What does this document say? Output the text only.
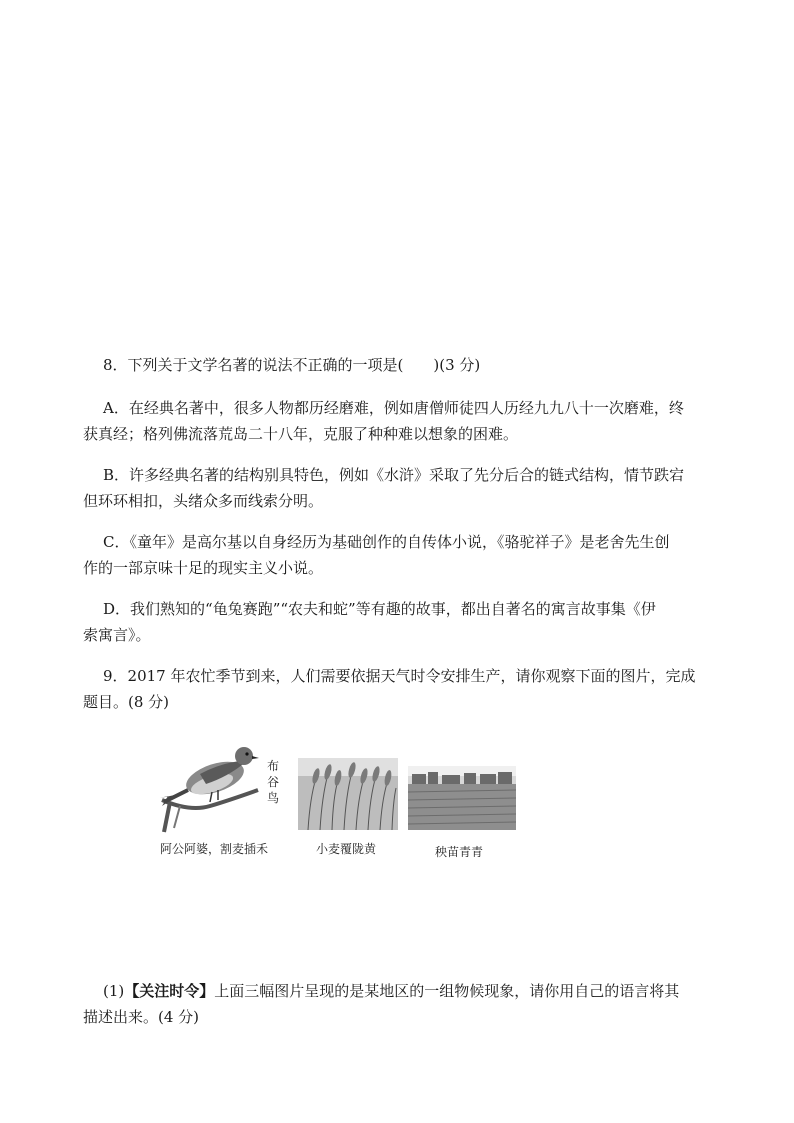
8．下列关于文学名著的说法不正确的一项是(　　)(3 分)

A．在经典名著中，很多人物都历经磨难，例如唐僧师徒四人历经九九八十一次磨难，终

获真经；格列佛流落荒岛二十八年，克服了种种难以想象的困难。

B．许多经典名著的结构别具特色，例如《水浒》采取了先分后合的链式结构，情节跌宕

但环环相扣，头绪众多而线索分明。

C．《童年》是高尔基以自身经历为基础创作的自传体小说，《骆驼祥子》是老舍先生创

作的一部京味十足的现实主义小说。

D．我们熟知的“龟兔赛跑”“农夫和蛇”等有趣的故事，都出自著名的寓言故事集《伊

索寓言》。

9．2017 年农忙季节到来，人们需要依据天气时令安排生产，请你观察下面的图片，完成

题目。(8 分)

布谷鸟
阿公阿婆，割麦插禾	小麦覆陇黄	秧苗青青

(1)【关注时令】上面三幅图片呈现的是某地区的一组物候现象，请你用自己的语言将其

描述出来。(4 分)
